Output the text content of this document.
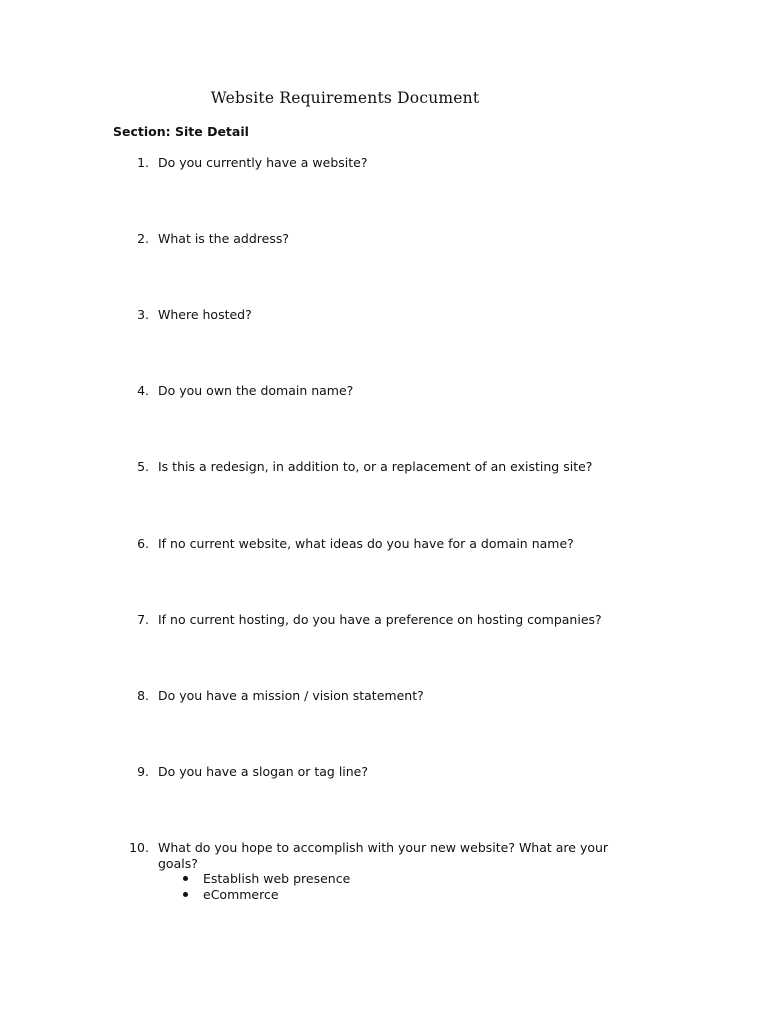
Website Requirements Document
Section: Site Detail
1. Do you currently have a website?
2. What is the address?
3. Where hosted?
4. Do you own the domain name?
5. Is this a redesign, in addition to, or a replacement of an existing site?
6. If no current website, what ideas do you have for a domain name?
7. If no current hosting, do you have a preference on hosting companies?
8. Do you have a mission / vision statement?
9. Do you have a slogan or tag line?
10. What do you hope to accomplish with your new website? What are your goals?
Establish web presence
eCommerce
